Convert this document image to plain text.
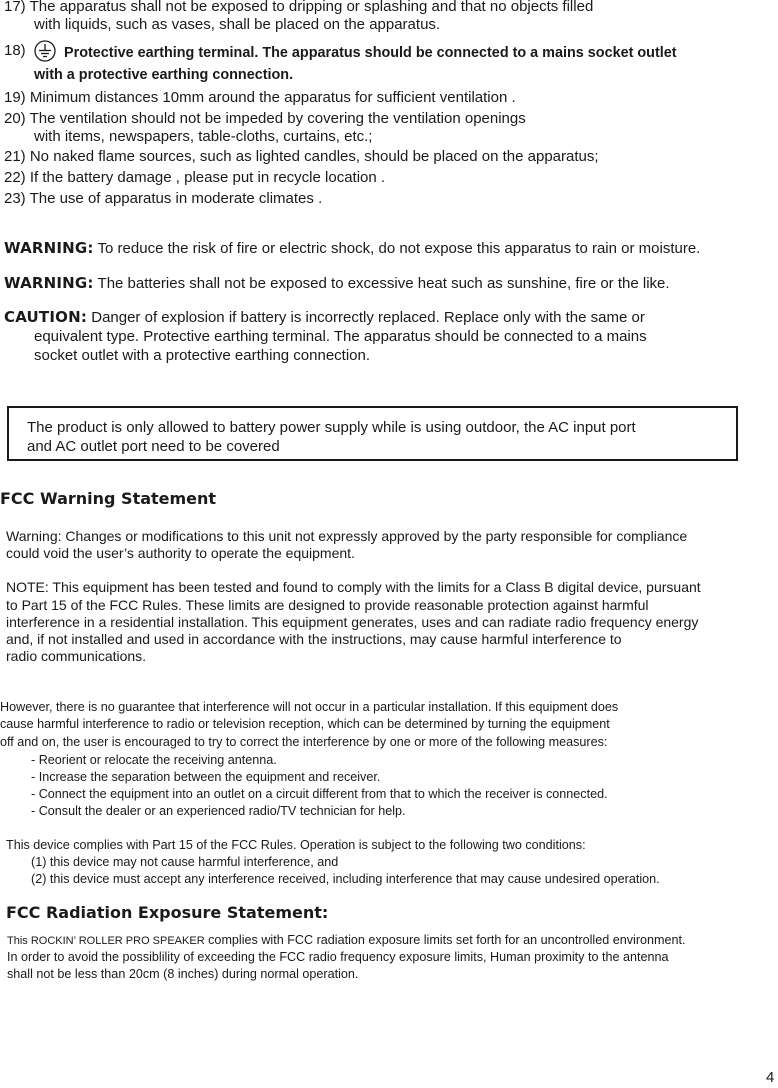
17) The apparatus shall not be exposed to dripping or splashing and that no objects filled
with liquids, such as vases, shall be placed on the apparatus.
18)	Protective earthing terminal. The apparatus should be connected to a mains socket outlet
with a protective earthing connection.
19) Minimum distances 10mm around the apparatus for sufficient ventilation .
20) The ventilation should not be impeded by covering the ventilation openings
with items, newspapers, table-cloths, curtains, etc.;
21) No naked flame sources, such as lighted candles, should be placed on the apparatus;
22) If the battery damage , please put in recycle location .
23) The use of apparatus in moderate climates .
WARNING: To reduce the risk of fire or electric shock, do not expose this apparatus to rain or moisture.
WARNING: The batteries shall not be exposed to excessive heat such as sunshine, fire or the like.
CAUTION: Danger of explosion if battery is incorrectly replaced. Replace only with the same or
equivalent type. Protective earthing terminal. The apparatus should be connected to a mains
socket outlet with a protective earthing connection.
The product is only allowed to battery power supply while is using outdoor, the AC input port
and AC outlet port need to be covered
FCC Warning Statement
Warning: Changes or modifications to this unit not expressly approved by the party responsible for compliance
could void the user’s authority to operate the equipment.
NOTE: This equipment has been tested and found to comply with the limits for a Class B digital device, pursuant
to Part 15 of the FCC Rules. These limits are designed to provide reasonable protection against harmful
interference in a residential installation. This equipment generates, uses and can radiate radio frequency energy
and, if not installed and used in accordance with the instructions, may cause harmful interference to
radio communications.
However, there is no guarantee that interference will not occur in a particular installation. If this equipment does
cause harmful interference to radio or television reception, which can be determined by turning the equipment
off and on, the user is encouraged to try to correct the interference by one or more of the following measures:
- Reorient or relocate the receiving antenna.
- Increase the separation between the equipment and receiver.
- Connect the equipment into an outlet on a circuit different from that to which the receiver is connected.
- Consult the dealer or an experienced radio/TV technician for help.
This device complies with Part 15 of the FCC Rules. Operation is subject to the following two conditions:
(1) this device may not cause harmful interference, and
(2) this device must accept any interference received, including interference that may cause undesired operation.
FCC Radiation Exposure Statement:
This ROCKIN’ ROLLER PRO SPEAKER complies with FCC radiation exposure limits set forth for an uncontrolled environment.
In order to avoid the possiblility of exceeding the FCC radio frequency exposure limits, Human proximity to the antenna
shall not be less than 20cm (8 inches) during normal operation.
4
